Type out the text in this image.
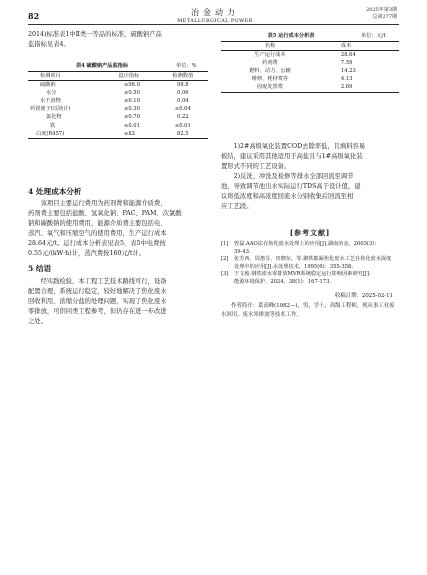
82	冶金动力
METALLURGICAL POWER
2025年第3期
总第277期

2014)标准表1中Ⅱ类一等品的标准，硫酸钠产品

监指标见表4。

表4 硫酸钠产品监指标	单位：%
检测项目	设计指标	检测数值
硫酸钠	≥98.0	98.8
水分	≤0.50	0.06
水不溶物	≤0.10	0.04
钙镁离子(以镁计)	≤0.30	≤0.04
氯化物	≤0.70	0.22
铁	≤0.01	≤0.01
白度(R457)	≥82	82.5
4 处理成本分析

该项目主要运行费用为药剂费和能源介质费，

药剂费主要包括盐酸、氢氧化钠、PAC、PAM、次氯酸

钠和碳酸钠的使用费用，能源介质费主要包括电、

蒸汽、氧气和压缩空气的使用费用，生产运行成本

28.64元/t。运行成本分析表见表5，表5中电费按

0.55元/(kW·h)计，蒸汽费按160元/t计。

5 结语

经实践检验，本工程工艺技术路线可行，设备

配置合理，系统运行稳定，较好地解决了焦化废水

回收利用、浓缩分盐的处理问题，实现了焦化废水

零排放，可供同类工程参考，但仍存在进一步改进

之处。

表5 运行成本分析表	单位：元/t
名称	成本
生产运行成本	28.64
药剂费	7.59
燃料、动力、公辅	14.23
维修、耗材费等	4.13
固废处置费	2.69

1)2#高级氧化装置COD去除率低，且填料容易

板结，建议采用其他适用于高盐且与1#高级氧化装

置形式不同的工艺设备。

2)反洗、冲洗及检修等排水全部回流至调节

池，导致调节池出水实际运行TDS高于设计值，建

议将低浓度和高浓度回流水分别收集后回流至相

应工艺段。

[参考文献]
[1]	曾磊.AAO法在焦化废水处理上的应用[J].湖南冶金，2003(3)：
39-43.
[2]	张芳西，周惠芬，田晓东，等.聚铁絮凝焦化废水工艺在焦化废水深度
处理中的应用[J].水处理技术，1995(6)：355-358.
[3]	王文俊.钢铁废水零排放MVR系统稳定运行影响因素研究[J].
能源环境保护，2024，38(1)：167-173.
收稿日期：2025-02-11
作者简介：葛高峰(1982—)，男，学士，高级工程师，现从事工业废
水回用、废水零排放等技术工作。
